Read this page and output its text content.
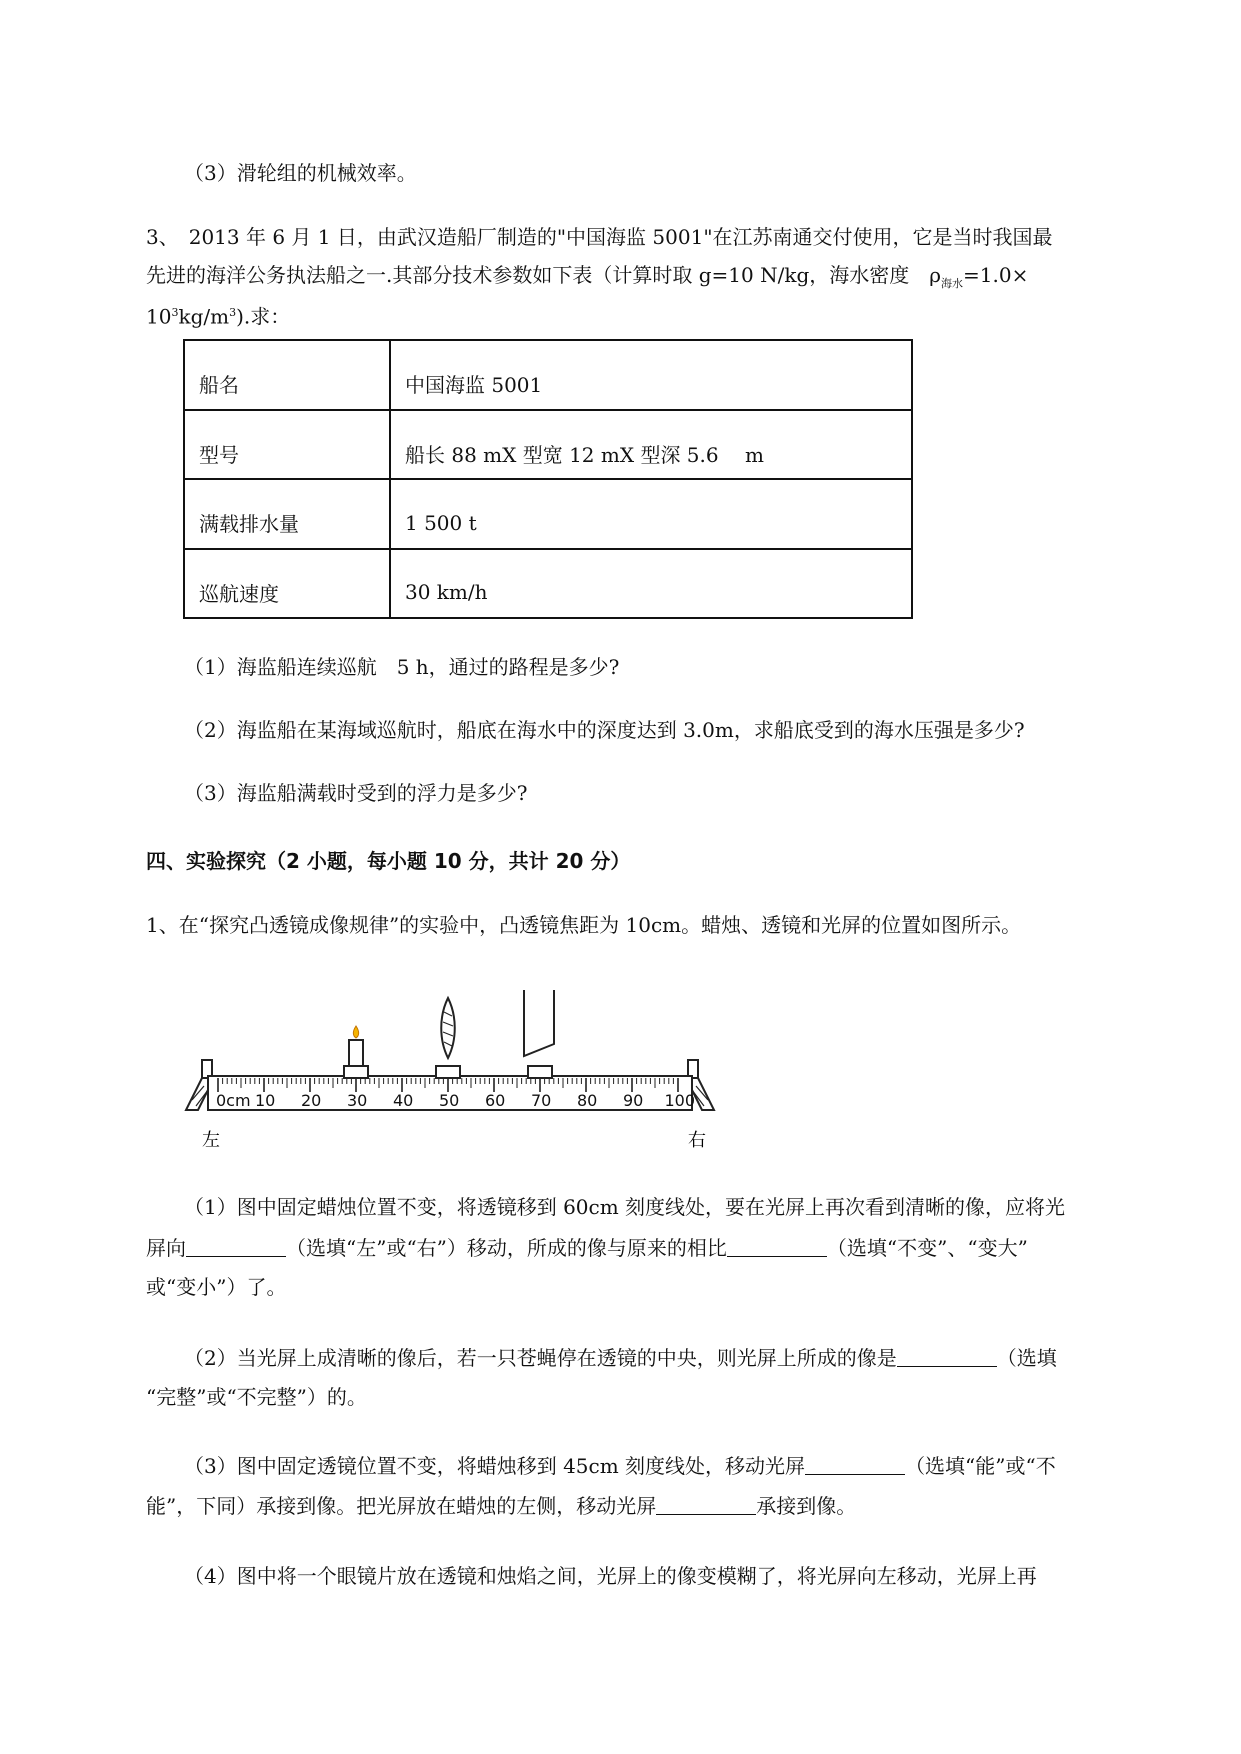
（3）滑轮组的机械效率。
3、　2013 年 6 月 1 日，由武汉造船厂制造的"中国海监 5001"在江苏南通交付使用，它是当时我国最
先进的海洋公务执法船之一.其部分技术参数如下表（计算时取 g=10 N/kg，海水密度　$\rho_{海水}=1.0\times$
$10^3kg/m^3$).求：
船名	中国海监 5001
型号	船长 88 mX 型宽 12 mX 型深 5.6　 m
满载排水量	1 500 t
巡航速度	30 km/h
（1）海监船连续巡航　5 h，通过的路程是多少?
（2）海监船在某海域巡航时，船底在海水中的深度达到 3.0m，求船底受到的海水压强是多少?
（3）海监船满载时受到的浮力是多少?
四、实验探究（2 小题，每小题 10 分，共计 20 分）
1、在“探究凸透镜成像规律”的实验中，凸透镜焦距为 10cm。蜡烛、透镜和光屏的位置如图所示。
0cm 10 20 30 40 50 60 70 80 90 100
左	右
（1）图中固定蜡烛位置不变，将透镜移到 60cm 刻度线处，要在光屏上再次看到清晰的像，应将光
屏向	（选填“左”或“右”）移动，所成的像与原来的相比	（选填“不变”、“变大”
或“变小”）了。
（2）当光屏上成清晰的像后，若一只苍蝇停在透镜的中央，则光屏上所成的像是	（选填
“完整”或“不完整”）的。
（3）图中固定透镜位置不变，将蜡烛移到 45cm 刻度线处，移动光屏	（选填“能”或“不
能”，下同）承接到像。把光屏放在蜡烛的左侧，移动光屏	承接到像。
（4）图中将一个眼镜片放在透镜和烛焰之间，光屏上的像变模糊了，将光屏向左移动，光屏上再
